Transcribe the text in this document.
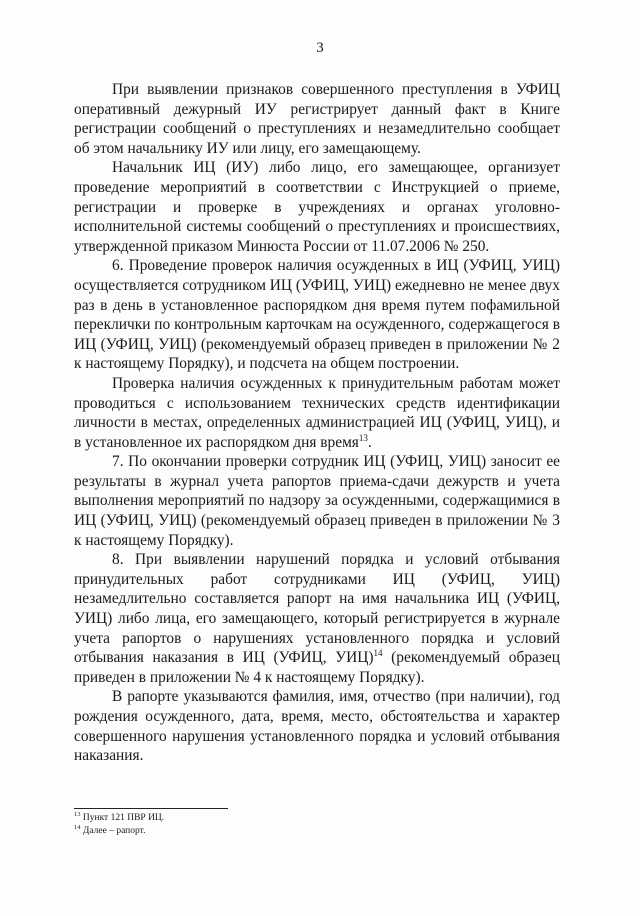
3

При выявлении признаков совершенного преступления в УФИЦ оперативный дежурный ИУ регистрирует данный факт в Книге регистрации сообщений о преступлениях и незамедлительно сообщает об этом начальнику ИУ или лицу, его замещающему.

Начальник ИЦ (ИУ) либо лицо, его замещающее, организует проведение мероприятий в соответствии с Инструкцией о приеме, регистрации и проверке в учреждениях и органах уголовно-исполнительной системы сообщений о преступлениях и происшествиях, утвержденной приказом Минюста России от 11.07.2006 № 250.

6. Проведение проверок наличия осужденных в ИЦ (УФИЦ, УИЦ) осуществляется сотрудником ИЦ (УФИЦ, УИЦ) ежедневно не менее двух раз в день в установленное распорядком дня время путем пофамильной переклички по контрольным карточкам на осужденного, содержащегося в ИЦ (УФИЦ, УИЦ) (рекомендуемый образец приведен в приложении № 2 к настоящему Порядку), и подсчета на общем построении.

Проверка наличия осужденных к принудительным работам может проводиться с использованием технических средств идентификации личности в местах, определенных администрацией ИЦ (УФИЦ, УИЦ), и в установленное их распорядком дня время$^{13}$.

7. По окончании проверки сотрудник ИЦ (УФИЦ, УИЦ) заносит ее результаты в журнал учета рапортов приема-сдачи дежурств и учета выполнения мероприятий по надзору за осужденными, содержащимися в ИЦ (УФИЦ, УИЦ) (рекомендуемый образец приведен в приложении № 3 к настоящему Порядку).

8. При выявлении нарушений порядка и условий отбывания принудительных работ сотрудниками ИЦ (УФИЦ, УИЦ) незамедлительно составляется рапорт на имя начальника ИЦ (УФИЦ, УИЦ) либо лица, его замещающего, который регистрируется в журнале учета рапортов о нарушениях установленного порядка и условий отбывания наказания в ИЦ (УФИЦ, УИЦ)$^{14}$ (рекомендуемый образец приведен в приложении № 4 к настоящему Порядку).

В рапорте указываются фамилия, имя, отчество (при наличии), год рождения осужденного, дата, время, место, обстоятельства и характер совершенного нарушения установленного порядка и условий отбывания наказания.

$^{13}$ Пункт 121 ПВР ИЦ.
$^{14}$ Далее – рапорт.
